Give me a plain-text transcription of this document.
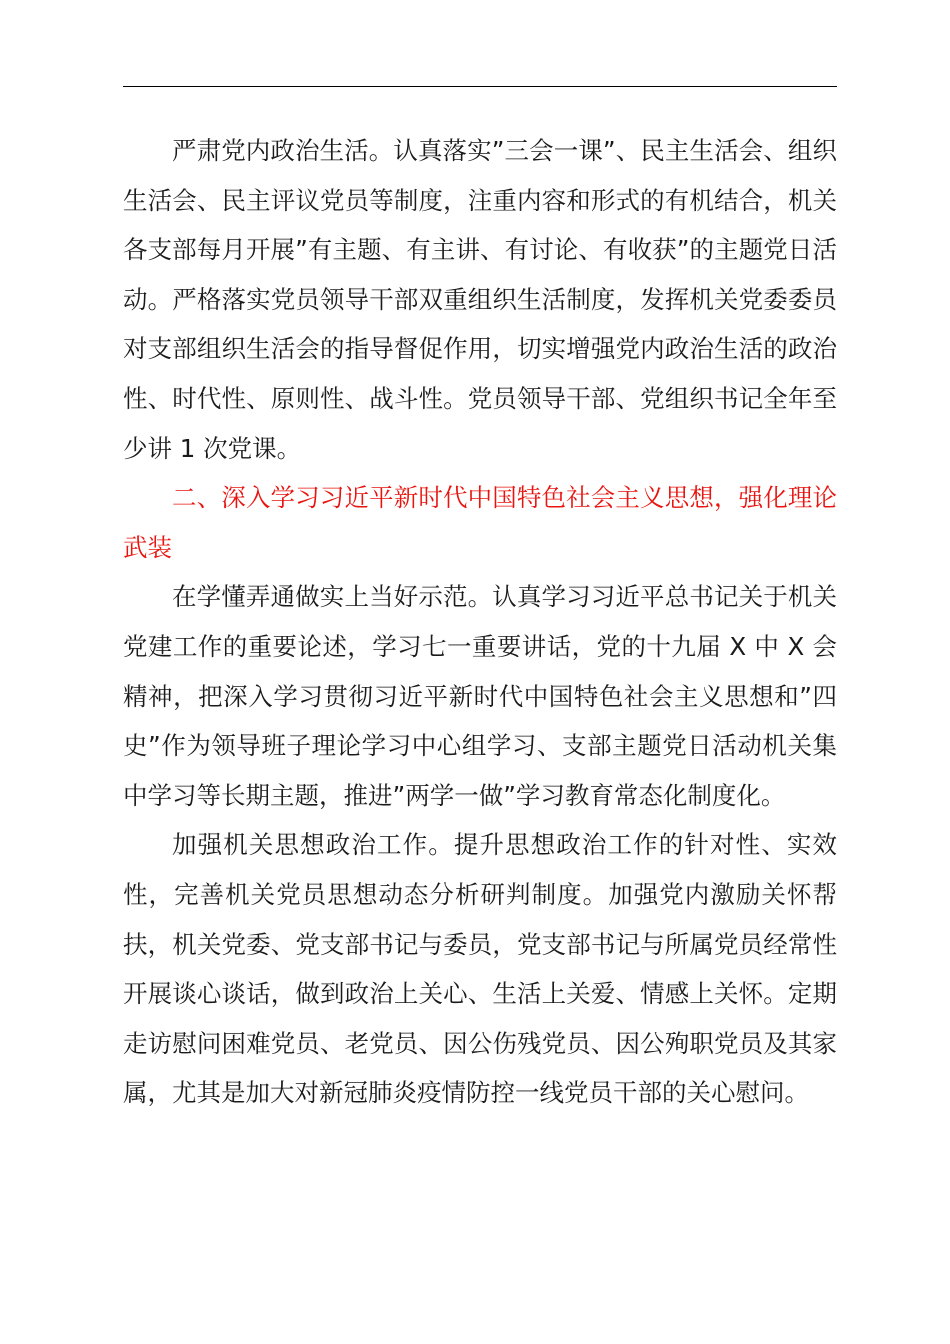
严肃党内政治生活。认真落实”三会一课”、民主生活会、组织生活会、民主评议党员等制度，注重内容和形式的有机结合，机关各支部每月开展”有主题、有主讲、有讨论、有收获”的主题党日活动。严格落实党员领导干部双重组织生活制度，发挥机关党委委员对支部组织生活会的指导督促作用，切实增强党内政治生活的政治性、时代性、原则性、战斗性。党员领导干部、党组织书记全年至少讲 1 次党课。

二、深入学习习近平新时代中国特色社会主义思想，强化理论武装

在学懂弄通做实上当好示范。认真学习习近平总书记关于机关党建工作的重要论述，学习七一重要讲话，党的十九届 X 中 X 会精神，把深入学习贯彻习近平新时代中国特色社会主义思想和”四史”作为领导班子理论学习中心组学习、支部主题党日活动机关集中学习等长期主题，推进”两学一做”学习教育常态化制度化。

加强机关思想政治工作。提升思想政治工作的针对性、实效性，完善机关党员思想动态分析研判制度。加强党内激励关怀帮扶，机关党委、党支部书记与委员，党支部书记与所属党员经常性开展谈心谈话，做到政治上关心、生活上关爱、情感上关怀。定期走访慰问困难党员、老党员、因公伤残党员、因公殉职党员及其家属，尤其是加大对新冠肺炎疫情防控一线党员干部的关心慰问。
